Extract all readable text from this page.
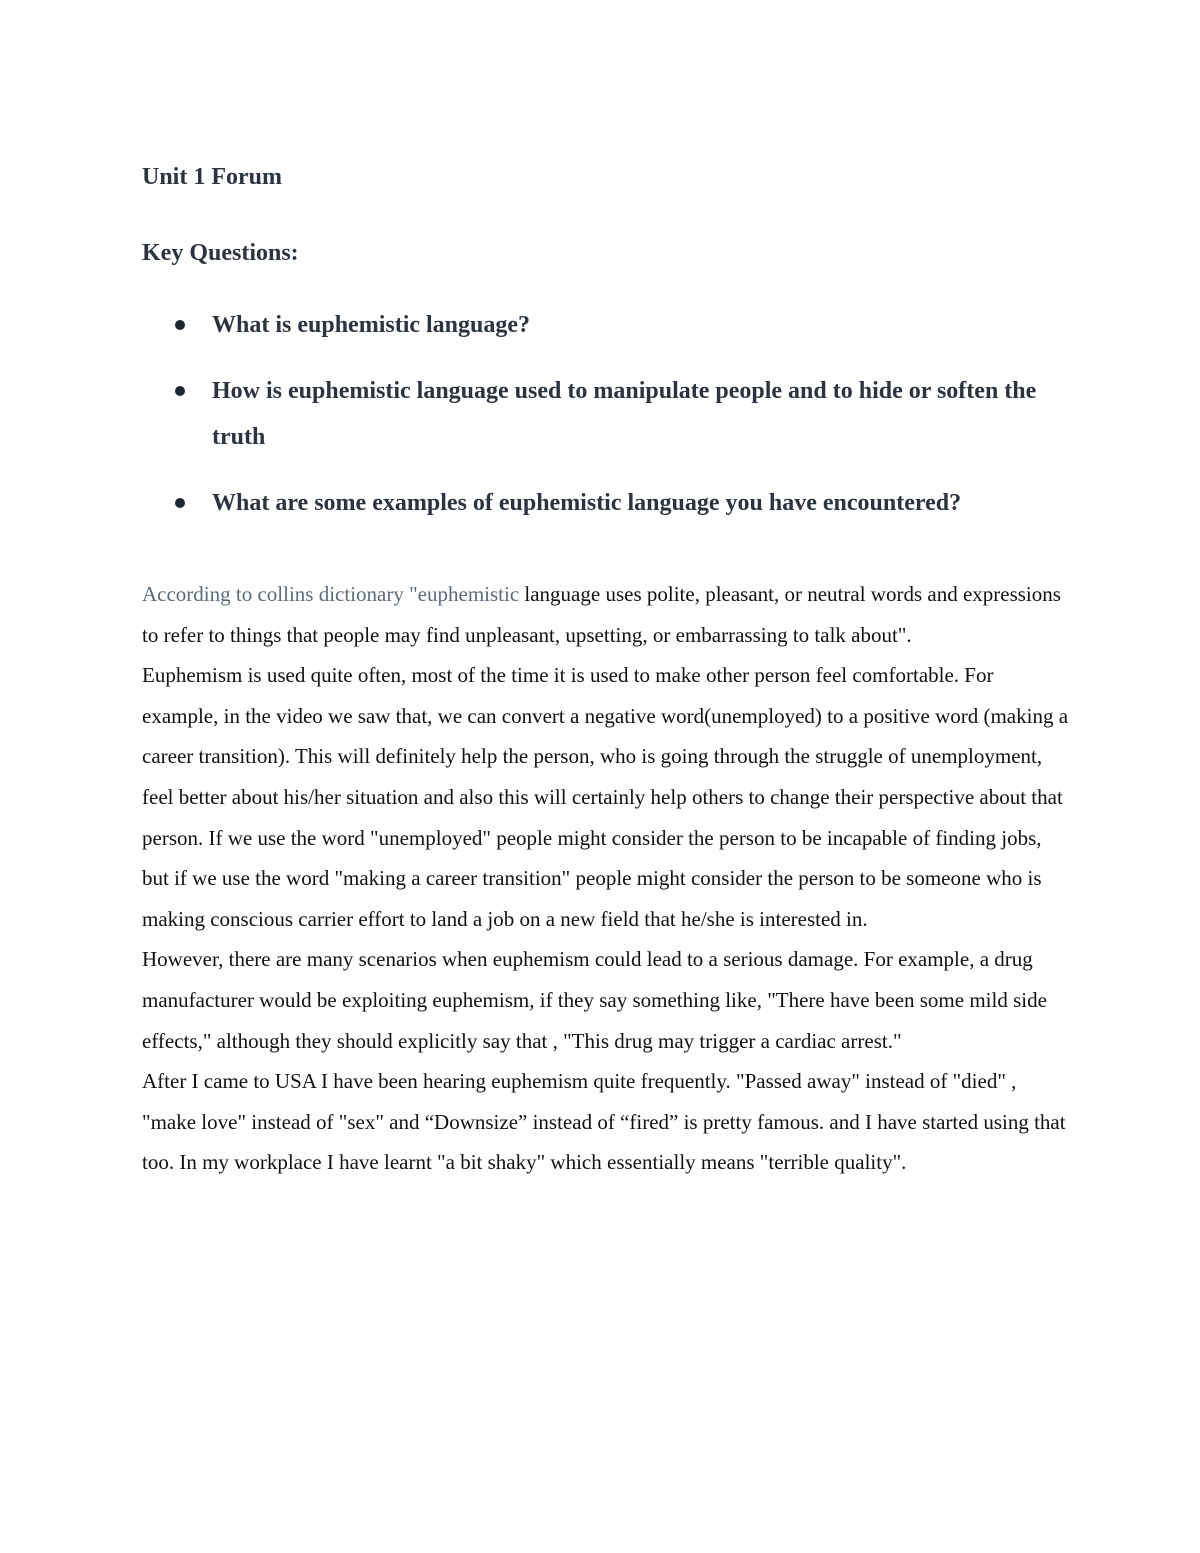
Unit 1 Forum
Key Questions:
What is euphemistic language?
How is euphemistic language used to manipulate people and to hide or soften the truth
What are some examples of euphemistic language you have encountered?

According to collins dictionary "euphemistic language uses polite, pleasant, or neutral words and expressions to refer to things that people may find unpleasant, upsetting, or embarrassing to talk about".

Euphemism is used quite often, most of the time it is used to make other person feel comfortable. For example, in the video we saw that, we can convert a negative word(unemployed) to a positive word (making a career transition). This will definitely help the person, who is going through the struggle of unemployment, feel better about his/her situation and also this will certainly help others to change their perspective about that person. If we use the word "unemployed" people might consider the person to be incapable of finding jobs, but if we use the word "making a career transition" people might consider the person to be someone who is making conscious carrier effort to land a job on a new field that he/she is interested in.

However, there are many scenarios when euphemism could lead to a serious damage. For example, a drug manufacturer would be exploiting euphemism, if they say something like, "There have been some mild side effects," although they should explicitly say that , "This drug may trigger a cardiac arrest."

After I came to USA I have been hearing euphemism quite frequently. "Passed away" instead of "died" , "make love" instead of "sex" and “Downsize” instead of “fired” is pretty famous. and I have started using that too. In my workplace I have learnt "a bit shaky" which essentially means "terrible quality".
